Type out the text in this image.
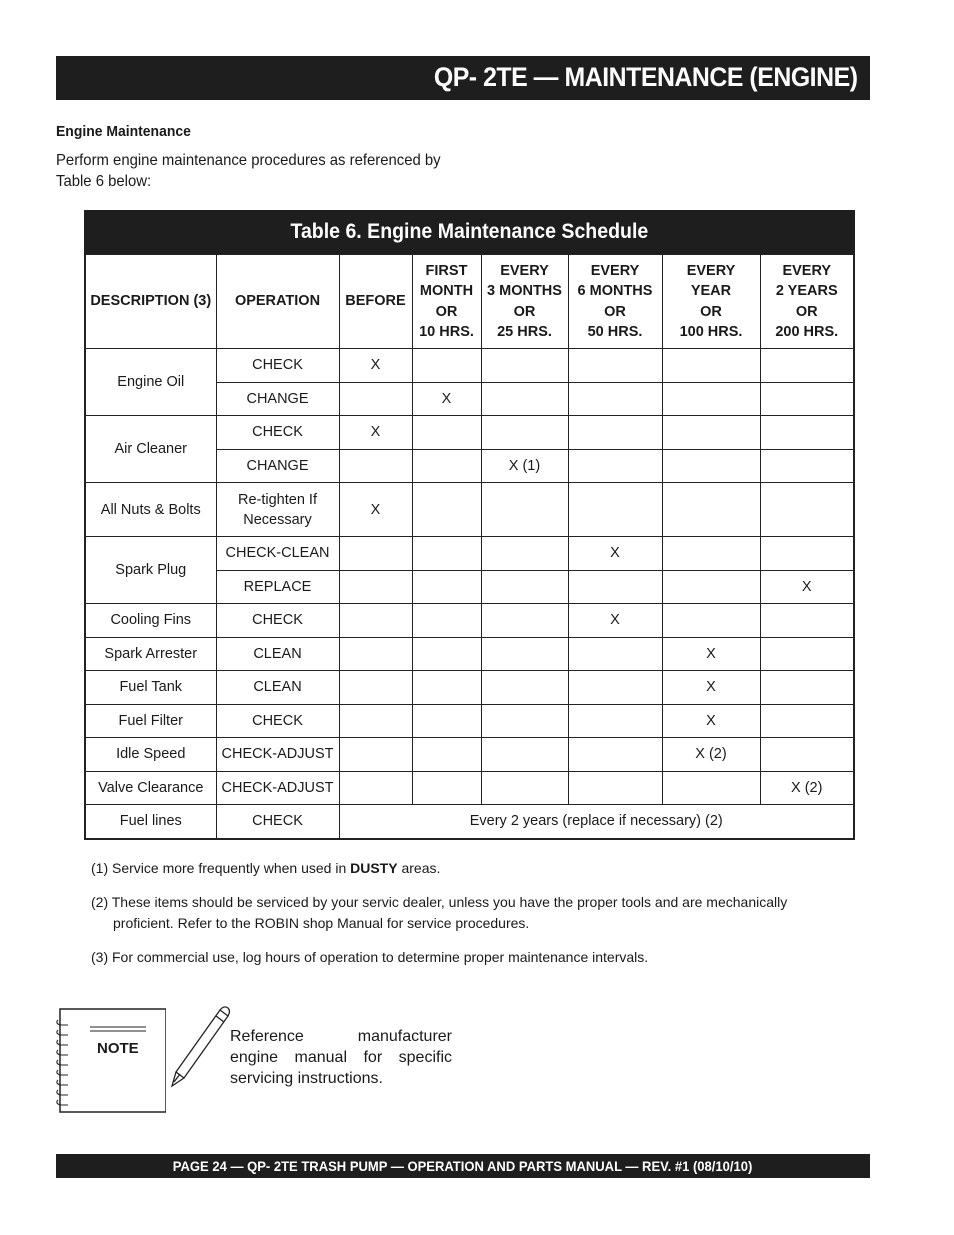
QP- 2TE — MAINTENANCE (ENGINE)
Engine Maintenance
Perform engine maintenance procedures as referenced by Table 6 below:
Table 6. Engine Maintenance Schedule
DESCRIPTION (3)	OPERATION	BEFORE	FIRST
MONTH
OR
10 HRS.	EVERY
3 MONTHS
OR
25 HRS.	EVERY
6 MONTHS
OR
50 HRS.	EVERY
YEAR
OR
100 HRS.	EVERY
2 YEARS
OR
200 HRS.
Engine Oil	CHECK	X					
	CHANGE		X				
Air Cleaner	CHECK	X					
	CHANGE			X (1)			
All Nuts & Bolts	Re-tighten If Necessary	X					
Spark Plug	CHECK-CLEAN				X		
	REPLACE						X
Cooling Fins	CHECK				X		
Spark Arrester	CLEAN					X	
Fuel Tank	CLEAN					X	
Fuel Filter	CHECK					X	
Idle Speed	CHECK-ADJUST					X (2)	
Valve Clearance	CHECK-ADJUST						X (2)
Fuel lines	CHECK	Every 2 years (replace if necessary) (2)					

(1) Service more frequently when used in DUSTY areas.

(2) These items should be serviced by your servic dealer, unless you have the proper tools and are mechanically proficient. Refer to the ROBIN shop Manual for service procedures.

(3) For commercial use, log hours of operation to determine proper maintenance intervals.

NOTE
Reference manufacturer engine manual for specific servicing instructions.
PAGE 24 — QP- 2TE TRASH PUMP — OPERATION AND PARTS MANUAL — REV. #1 (08/10/10)
